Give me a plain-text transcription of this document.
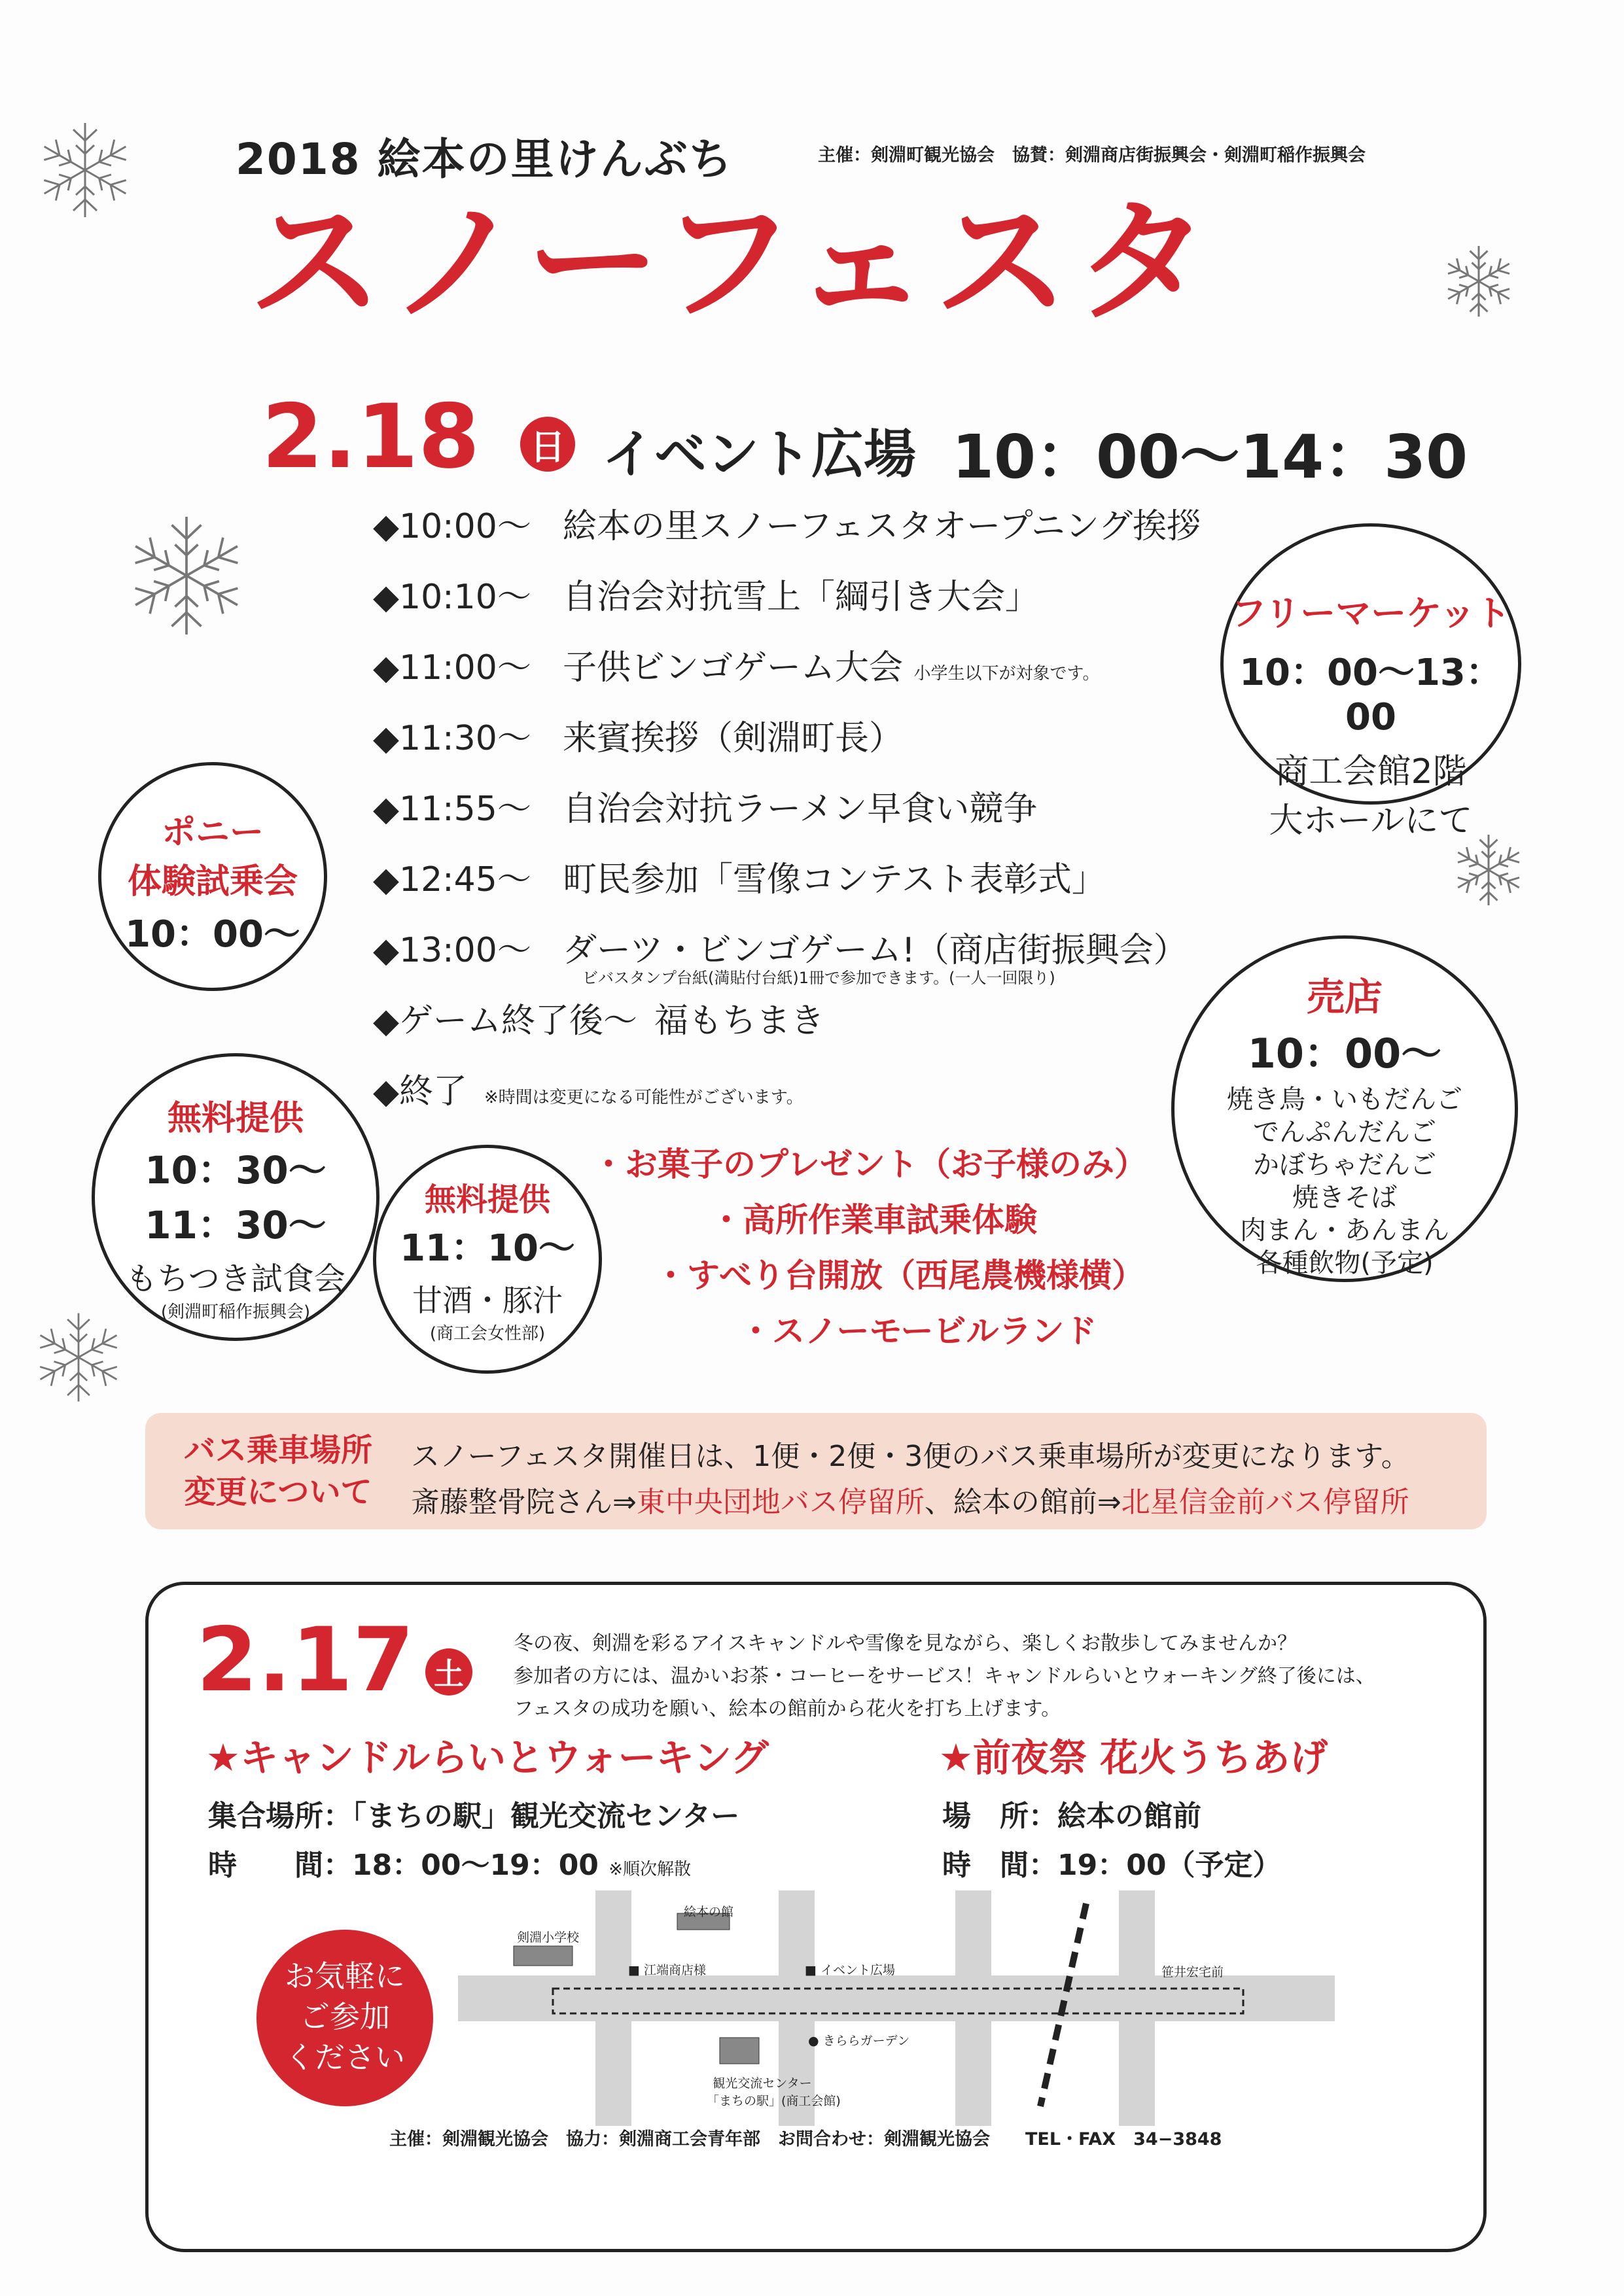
2018 絵本の里けんぶち	主催：剣淵町観光協会　協賛：剣淵商店街振興会・剣淵町稲作振興会
スノーフェスタ
2.18 日 イベント広場 10：00〜14：30
◆10:00〜 絵本の里スノーフェスタオープニング挨拶
◆10:10〜 自治会対抗雪上「綱引き大会」
◆11:00〜 子供ビンゴゲーム大会 小学生以下が対象です。
◆11:30〜 来賓挨拶（剣淵町長）
◆11:55〜 自治会対抗ラーメン早食い競争
◆12:45〜 町民参加「雪像コンテスト表彰式」
◆13:00〜 ダーツ・ビンゴゲーム!（商店街振興会）
ビバスタンプ台紙(満貼付台紙)1冊で参加できます。(一人一回限り)
◆ゲーム終了後〜 福もちまき
◆終了 ※時間は変更になる可能性がございます。
フリーマーケット
10：00〜13：00
商工会館2階
大ホールにて
ポニー
体験試乗会
10：00〜
売店
10：00〜
焼き鳥・いもだんご
でんぷんだんご
かぼちゃだんご
焼きそば
肉まん・あんまん
各種飲物(予定)
無料提供
10：30〜
11：30〜
もちつき試食会
(剣淵町稲作振興会)
無料提供
11：10〜
甘酒・豚汁
(商工会女性部)
・お菓子のプレゼント（お子様のみ）
・高所作業車試乗体験
・すべり台開放（西尾農機様横）
・スノーモービルランド
バス乗車場所
変更について
スノーフェスタ開催日は、1便・2便・3便のバス乗車場所が変更になります。
斎藤整骨院さん⇒東中央団地バス停留所、絵本の館前⇒北星信金前バス停留所
2.17 土
冬の夜、剣淵を彩るアイスキャンドルや雪像を見ながら、楽しくお散歩してみませんか？
参加者の方には、温かいお茶・コーヒーをサービス！キャンドルらいとウォーキング終了後には、
フェスタの成功を願い、絵本の館前から花火を打ち上げます。
★キャンドルらいとウォーキング
集合場所：「まちの駅」観光交流センター
時　　間：18：00〜19：00 ※順次解散
★前夜祭 花火うちあげ
場　所：絵本の館前
時　間：19：00（予定）
お気軽に
ご参加
ください
剣淵小学校
絵本の館
■ 江端商店様	■ イベント広場	笹井宏宅前
● きららガーデン
観光交流センター
「まちの駅」(商工会館)
主催：剣淵観光協会　協力：剣淵商工会青年部　お問合わせ：剣淵観光協会　　TEL・FAX　34−3848
